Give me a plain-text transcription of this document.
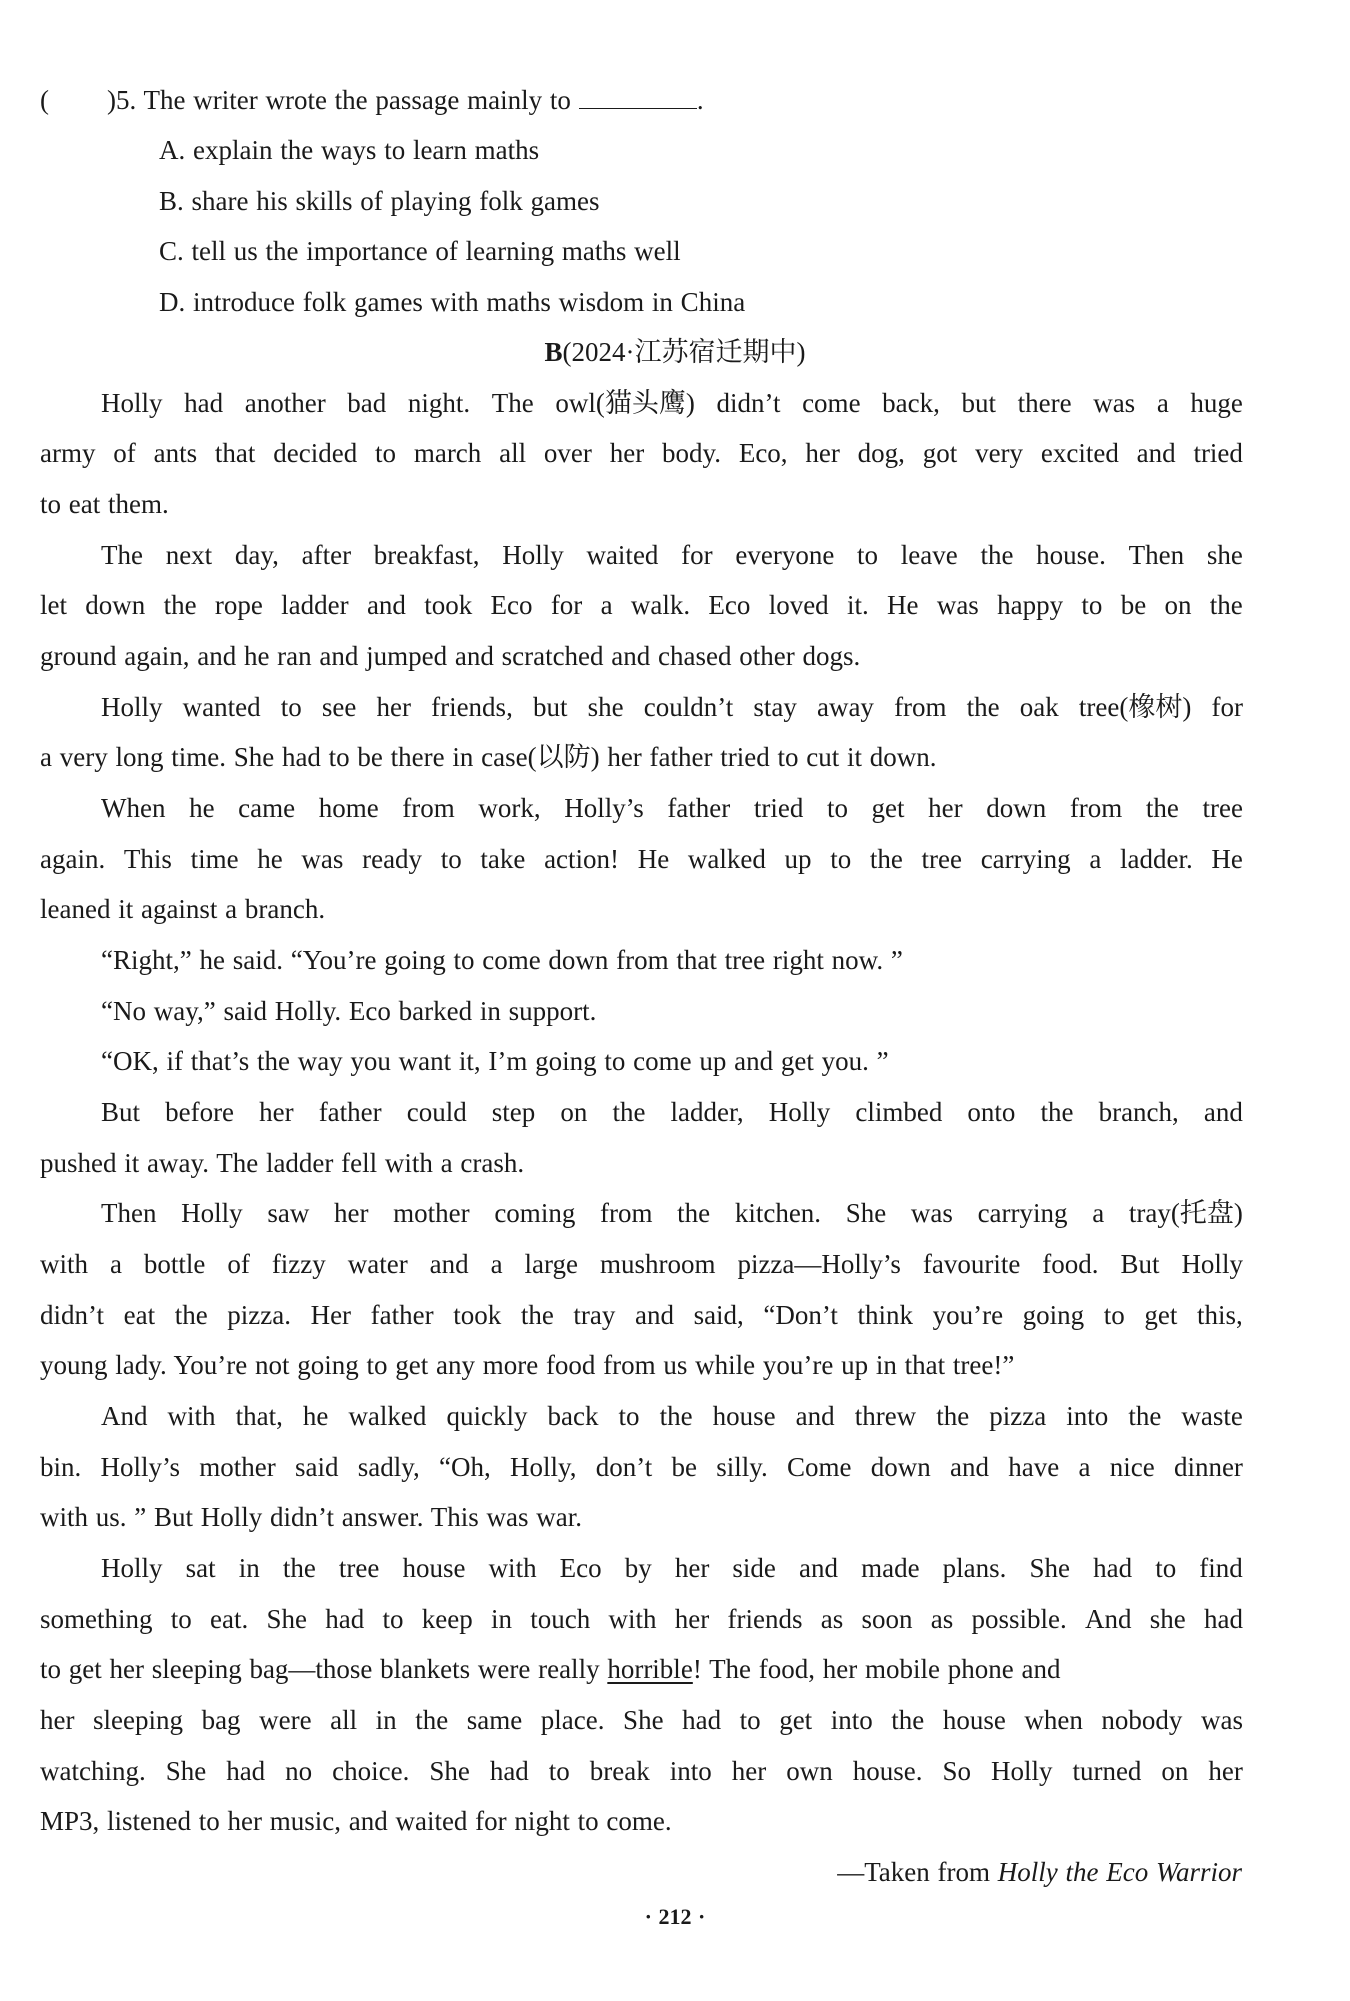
( )5. The writer wrote the passage mainly to	.
A. explain the ways to learn maths
B. share his skills of playing folk games
C. tell us the importance of learning maths well
D. introduce folk games with maths wisdom in China
B(2024·江苏宿迁期中)
Holly had another bad night. The owl(猫头鹰) didn’t come back, but there was a huge
army of ants that decided to march all over her body. Eco, her dog, got very excited and tried
to eat them.
The next day, after breakfast, Holly waited for everyone to leave the house. Then she
let down the rope ladder and took Eco for a walk. Eco loved it. He was happy to be on the
ground again, and he ran and jumped and scratched and chased other dogs.
Holly wanted to see her friends, but she couldn’t stay away from the oak tree(橡树) for
a very long time. She had to be there in case(以防) her father tried to cut it down.
When he came home from work, Holly’s father tried to get her down from the tree
again. This time he was ready to take action! He walked up to the tree carrying a ladder. He
leaned it against a branch.
“Right,” he said. “You’re going to come down from that tree right now. ”
“No way,” said Holly. Eco barked in support.
“OK, if that’s the way you want it, I’m going to come up and get you. ”
But before her father could step on the ladder, Holly climbed onto the branch, and
pushed it away. The ladder fell with a crash.
Then Holly saw her mother coming from the kitchen. She was carrying a tray(托盘)
with a bottle of fizzy water and a large mushroom pizza—Holly’s favourite food. But Holly
didn’t eat the pizza. Her father took the tray and said, “Don’t think you’re going to get this,
young lady. You’re not going to get any more food from us while you’re up in that tree!”
And with that, he walked quickly back to the house and threw the pizza into the waste
bin. Holly’s mother said sadly, “Oh, Holly, don’t be silly. Come down and have a nice dinner
with us. ” But Holly didn’t answer. This was war.
Holly sat in the tree house with Eco by her side and made plans. She had to find
something to eat. She had to keep in touch with her friends as soon as possible. And she had
to get her sleeping bag—those blankets were really horrible! The food, her mobile phone and
her sleeping bag were all in the same place. She had to get into the house when nobody was
watching. She had no choice. She had to break into her own house. So Holly turned on her
MP3, listened to her music, and waited for night to come.
—Taken from Holly the Eco Warrior
· 212 ·
